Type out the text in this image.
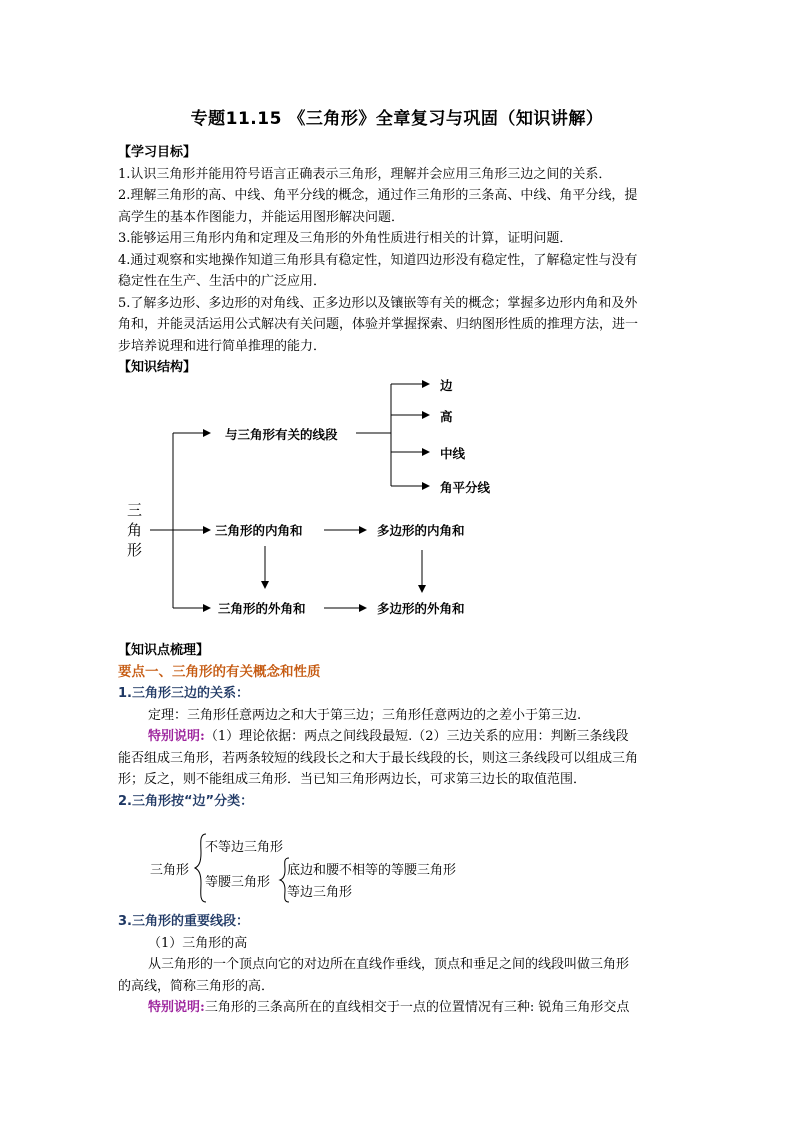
专题11.15 《三角形》全章复习与巩固（知识讲解）
【学习目标】
1.认识三角形并能用符号语言正确表示三角形，理解并会应用三角形三边之间的关系．
2.理解三角形的高、中线、角平分线的概念，通过作三角形的三条高、中线、角平分线，提
高学生的基本作图能力，并能运用图形解决问题．
3.能够运用三角形内角和定理及三角形的外角性质进行相关的计算，证明问题．
4.通过观察和实地操作知道三角形具有稳定性，知道四边形没有稳定性，了解稳定性与没有
稳定性在生产、生活中的广泛应用．
5.了解多边形、多边形的对角线、正多边形以及镶嵌等有关的概念；掌握多边形内角和及外
角和，并能灵活运用公式解决有关问题，体验并掌握探索、归纳图形性质的推理方法，进一
步培养说理和进行简单推理的能力．
【知识结构】
三
角
形
与三角形有关的线段
边
高
中线
角平分线
三角形的内角和	多边形的内角和
三角形的外角和	多边形的外角和
【知识点梳理】
要点一、三角形的有关概念和性质
1.三角形三边的关系：
定理：三角形任意两边之和大于第三边；三角形任意两边的之差小于第三边.
特别说明:（1）理论依据：两点之间线段最短.（2）三边关系的应用：判断三条线段
能否组成三角形，若两条较短的线段长之和大于最长线段的长，则这三条线段可以组成三角
形；反之，则不能组成三角形．当已知三角形两边长，可求第三边长的取值范围．
2.三角形按“边”分类：
三角形
不等边三角形
等腰三角形
底边和腰不相等的等腰三角形
等边三角形
3.三角形的重要线段：
（1）三角形的高
从三角形的一个顶点向它的对边所在直线作垂线，顶点和垂足之间的线段叫做三角形
的高线，简称三角形的高．
特别说明:三角形的三条高所在的直线相交于一点的位置情况有三种: 锐角三角形交点
